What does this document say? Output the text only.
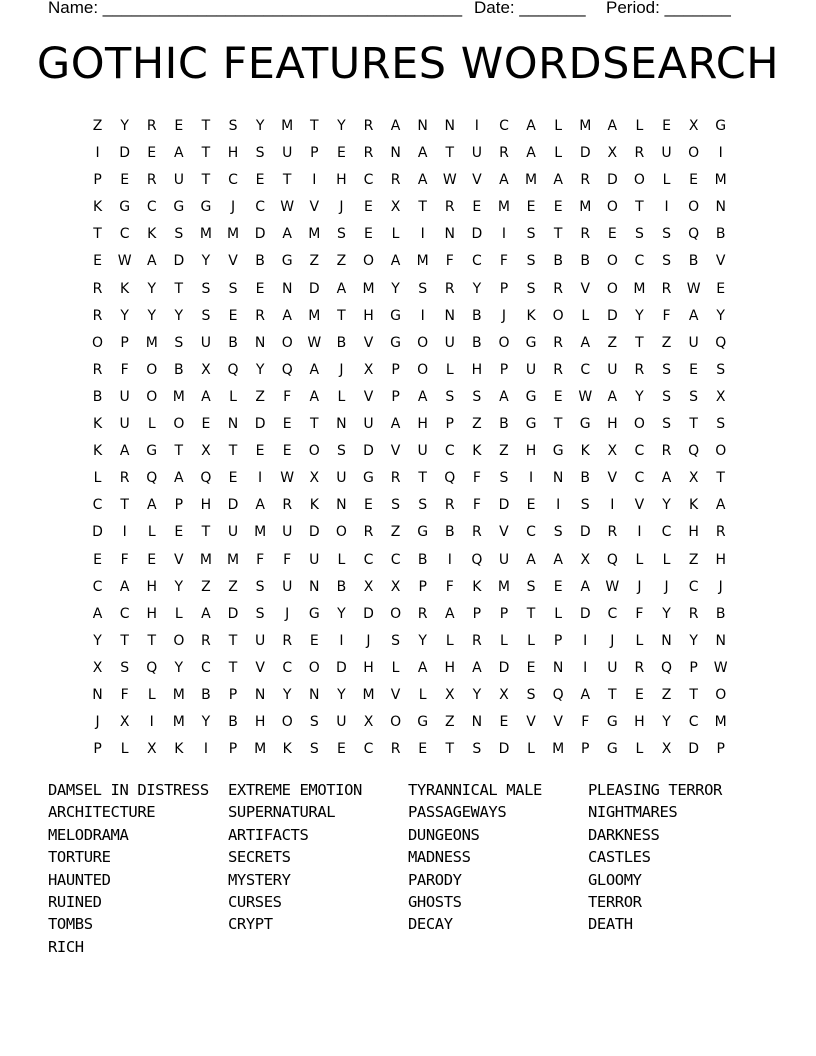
Name: ______________________________________ Date: _______ Period: _______
GOTHIC FEATURES WORDSEARCH
Z	Y	R	E	T	S	Y	M	T	Y	R	A	N	N	I	C	A	L	M	A	L	E	X	G
I	D	E	A	T	H	S	U	P	E	R	N	A	T	U	R	A	L	D	X	R	U	O	I
P	E	R	U	T	C	E	T	I	H	C	R	A	W	V	A	M	A	R	D	O	L	E	M
K	G	C	G	G	J	C	W	V	J	E	X	T	R	E	M	E	E	M	O	T	I	O	N
T	C	K	S	M	M	D	A	M	S	E	L	I	N	D	I	S	T	R	E	S	S	Q	B
E	W	A	D	Y	V	B	G	Z	Z	O	A	M	F	C	F	S	B	B	O	C	S	B	V
R	K	Y	T	S	S	E	N	D	A	M	Y	S	R	Y	P	S	R	V	O	M	R	W	E
R	Y	Y	Y	S	E	R	A	M	T	H	G	I	N	B	J	K	O	L	D	Y	F	A	Y
O	P	M	S	U	B	N	O	W	B	V	G	O	U	B	O	G	R	A	Z	T	Z	U	Q
R	F	O	B	X	Q	Y	Q	A	J	X	P	O	L	H	P	U	R	C	U	R	S	E	S
B	U	O	M	A	L	Z	F	A	L	V	P	A	S	S	A	G	E	W	A	Y	S	S	X
K	U	L	O	E	N	D	E	T	N	U	A	H	P	Z	B	G	T	G	H	O	S	T	S
K	A	G	T	X	T	E	E	O	S	D	V	U	C	K	Z	H	G	K	X	C	R	Q	O
L	R	Q	A	Q	E	I	W	X	U	G	R	T	Q	F	S	I	N	B	V	C	A	X	T
C	T	A	P	H	D	A	R	K	N	E	S	S	R	F	D	E	I	S	I	V	Y	K	A
D	I	L	E	T	U	M	U	D	O	R	Z	G	B	R	V	C	S	D	R	I	C	H	R
E	F	E	V	M	M	F	F	U	L	C	C	B	I	Q	U	A	A	X	Q	L	L	Z	H
C	A	H	Y	Z	Z	S	U	N	B	X	X	P	F	K	M	S	E	A	W	J	J	C	J
A	C	H	L	A	D	S	J	G	Y	D	O	R	A	P	P	T	L	D	C	F	Y	R	B
Y	T	T	O	R	T	U	R	E	I	J	S	Y	L	R	L	L	P	I	J	L	N	Y	N
X	S	Q	Y	C	T	V	C	O	D	H	L	A	H	A	D	E	N	I	U	R	Q	P	W
N	F	L	M	B	P	N	Y	N	Y	M	V	L	X	Y	X	S	Q	A	T	E	Z	T	O
J	X	I	M	Y	B	H	O	S	U	X	O	G	Z	N	E	V	V	F	G	H	Y	C	M
P	L	X	K	I	P	M	K	S	E	C	R	E	T	S	D	L	M	P	G	L	X	D	P
DAMSEL IN DISTRESS	EXTREME EMOTION	TYRANNICAL MALE	PLEASING TERROR
ARCHITECTURE	SUPERNATURAL	PASSAGEWAYS	NIGHTMARES
MELODRAMA	ARTIFACTS	DUNGEONS	DARKNESS
TORTURE	SECRETS	MADNESS	CASTLES
HAUNTED	MYSTERY	PARODY	GLOOMY
RUINED	CURSES	GHOSTS	TERROR
TOMBS	CRYPT	DECAY	DEATH
RICH
